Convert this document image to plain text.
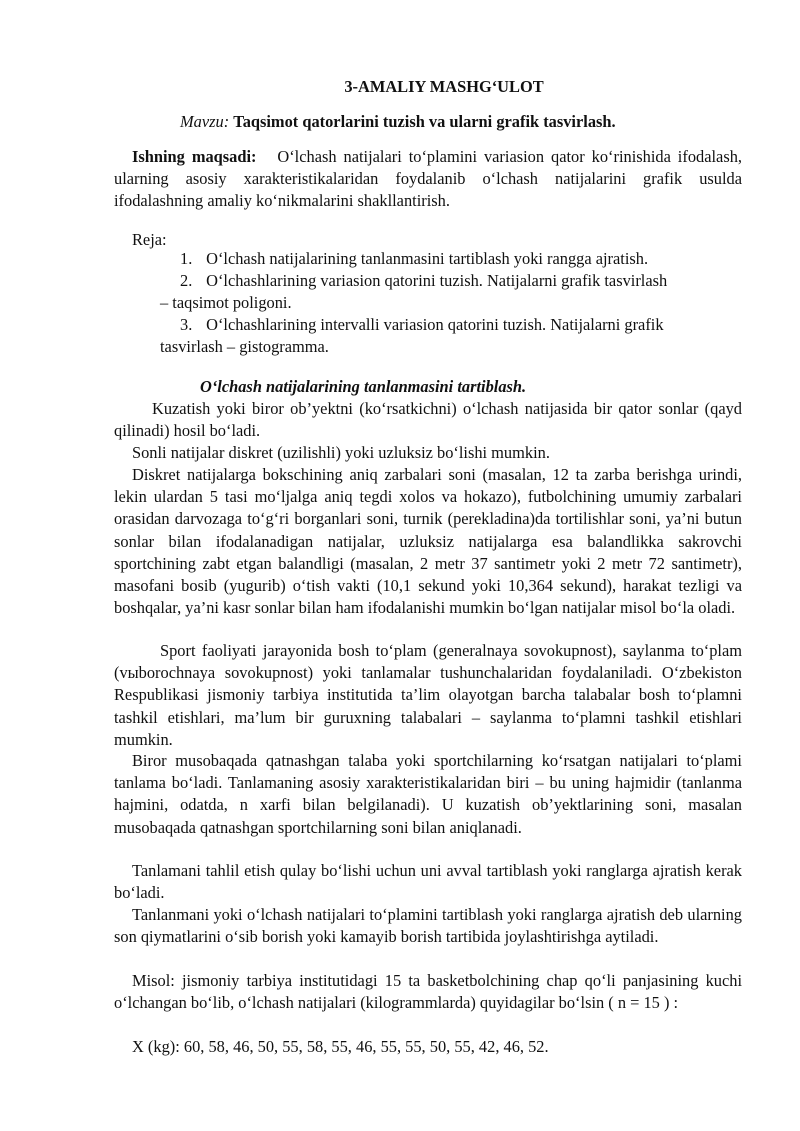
3-AMALIY MASHG‘ULOT
Mavzu: Taqsimot qatorlarini tuzish va ularni grafik tasvirlash.

Ishning maqsadi: O‘lchash natijalari to‘plamini variasion qator ko‘rinishida ifodalash, ularning asosiy xarakteristikalaridan foydalanib o‘lchash natijalarini grafik usulda ifodalashning amaliy ko‘nikmalarini shakllantirish.

Reja:
1. O‘lchash natijalarining tanlanmasini tartiblash yoki rangga ajratish.
2. O‘lchashlarining variasion qatorini tuzish. Natijalarni grafik tasvirlash
– taqsimot poligoni.
3. O‘lchashlarining intervalli variasion qatorini tuzish. Natijalarni grafik
tasvirlash – gistogramma.
O‘lchash natijalarining tanlanmasini tartiblash.

Kuzatish yoki biror ob’yektni (ko‘rsatkichni) o‘lchash natijasida bir qator sonlar (qayd qilinadi) hosil bo‘ladi.

Sonli natijalar diskret (uzilishli) yoki uzluksiz bo‘lishi mumkin.

Diskret natijalarga bokschining aniq zarbalari soni (masalan, 12 ta zarba berishga urindi, lekin ulardan 5 tasi mo‘ljalga aniq tegdi xolos va hokazo), futbolchining umumiy zarbalari orasidan darvozaga to‘g‘ri borganlari soni, turnik (perekladina)da tortilishlar soni, ya’ni butun sonlar bilan ifodalanadigan natijalar, uzluksiz natijalarga esa balandlikka sakrovchi sportchining zabt etgan balandligi (masalan, 2 metr 37 santimetr yoki 2 metr 72 santimetr), masofani bosib (yugurib) o‘tish vakti (10,1 sekund yoki 10,364 sekund), harakat tezligi va boshqalar, ya’ni kasr sonlar bilan ham ifodalanishi mumkin bo‘lgan natijalar misol bo‘la oladi.

Sport faoliyati jarayonida bosh to‘plam (generalnaya sovokupnost), saylanma to‘plam (vыborochnaya sovokupnost) yoki tanlamalar tushunchalaridan foydalaniladi. O‘zbekiston Respublikasi jismoniy tarbiya institutida ta’lim olayotgan barcha talabalar bosh to‘plamni tashkil etishlari, ma’lum bir guruxning talabalari – saylanma to‘plamni tashkil etishlari mumkin.

Biror musobaqada qatnashgan talaba yoki sportchilarning ko‘rsatgan natijalari to‘plami tanlama bo‘ladi. Tanlamaning asosiy xarakteristikalaridan biri – bu uning hajmidir (tanlanma hajmini, odatda, n xarfi bilan belgilanadi). U kuzatish ob’yektlarining soni, masalan musobaqada qatnashgan sportchilarning soni bilan aniqlanadi.

Tanlamani tahlil etish qulay bo‘lishi uchun uni avval tartiblash yoki ranglarga ajratish kerak bo‘ladi.

Tanlanmani yoki o‘lchash natijalari to‘plamini tartiblash yoki ranglarga ajratish deb ularning son qiymatlarini o‘sib borish yoki kamayib borish tartibida joylashtirishga aytiladi.

Misol: jismoniy tarbiya institutidagi 15 ta basketbolchining chap qo‘li panjasining kuchi o‘lchangan bo‘lib, o‘lchash natijalari (kilogrammlarda) quyidagilar bo‘lsin ( n = 15 ) :

X (kg): 60, 58, 46, 50, 55, 58, 55, 46, 55, 55, 50, 55, 42, 46, 52.
